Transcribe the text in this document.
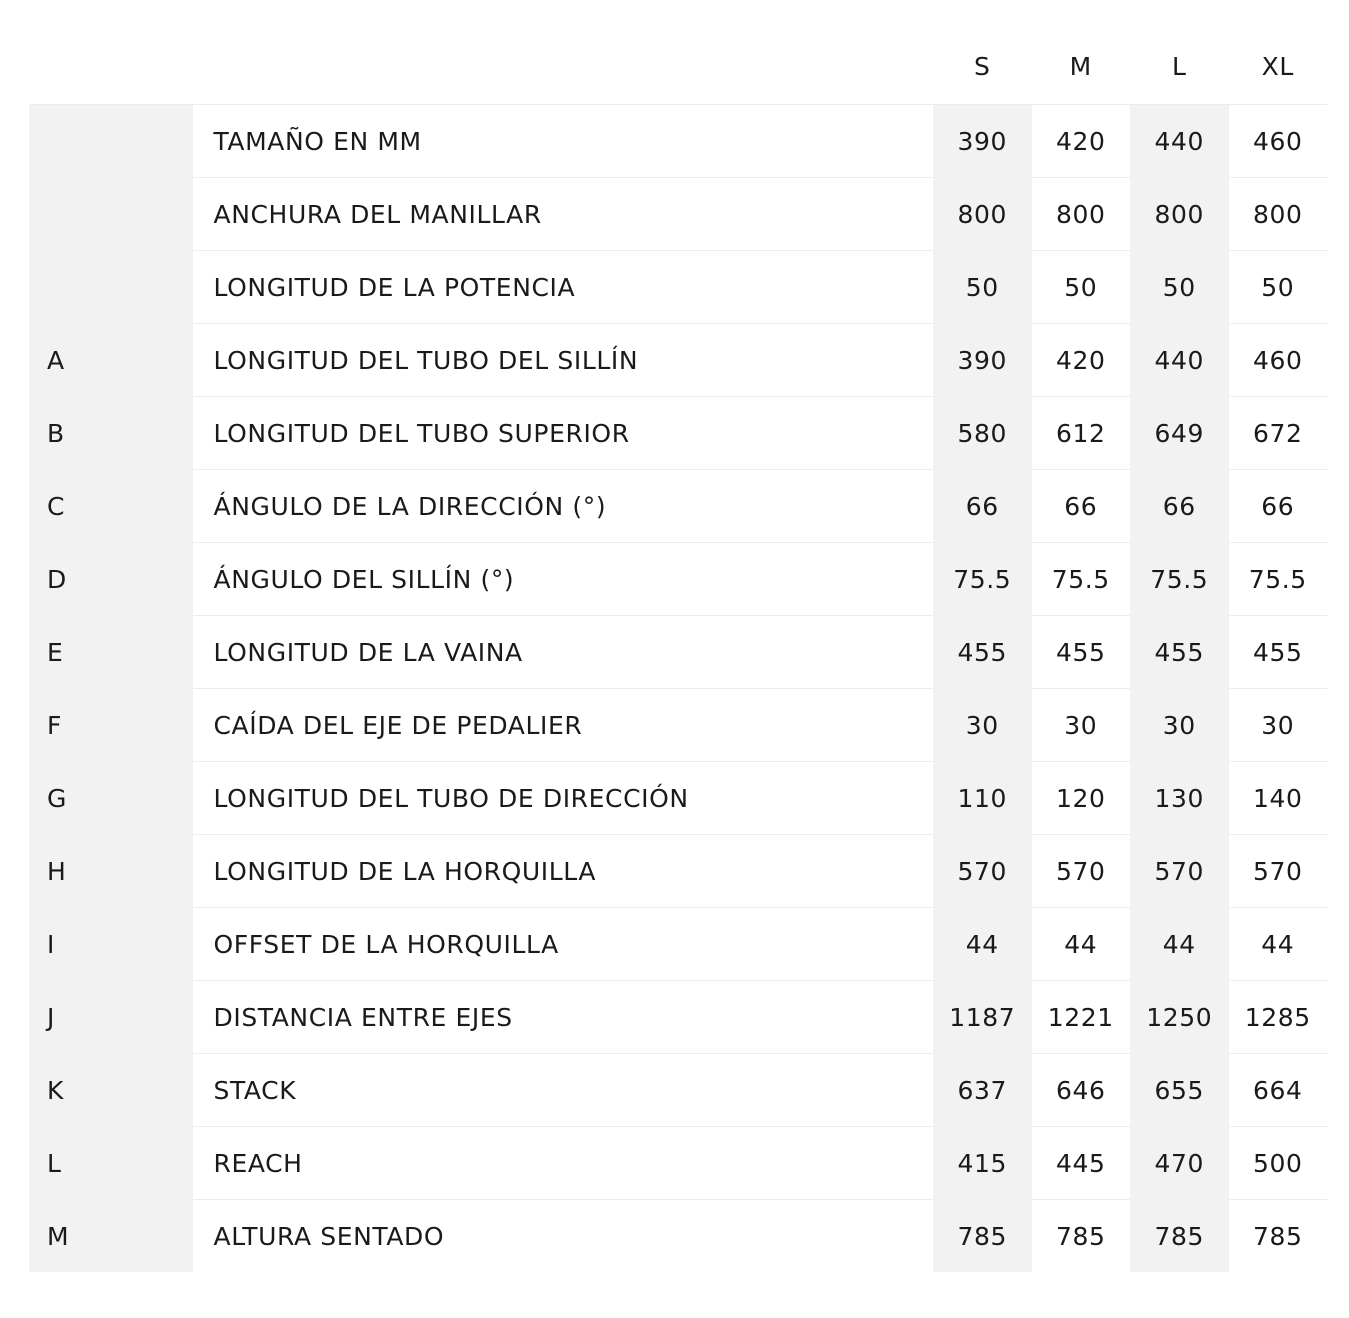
		S	M	L	XL
	TAMAÑO EN MM	390	420	440	460
	ANCHURA DEL MANILLAR	800	800	800	800
	LONGITUD DE LA POTENCIA	50	50	50	50
A	LONGITUD DEL TUBO DEL SILLÍN	390	420	440	460
B	LONGITUD DEL TUBO SUPERIOR	580	612	649	672
C	ÁNGULO DE LA DIRECCIÓN (°)	66	66	66	66
D	ÁNGULO DEL SILLÍN (°)	75.5	75.5	75.5	75.5
E	LONGITUD DE LA VAINA	455	455	455	455
F	CAÍDA DEL EJE DE PEDALIER	30	30	30	30
G	LONGITUD DEL TUBO DE DIRECCIÓN	110	120	130	140
H	LONGITUD DE LA HORQUILLA	570	570	570	570
I	OFFSET DE LA HORQUILLA	44	44	44	44
J	DISTANCIA ENTRE EJES	1187	1221	1250	1285
K	STACK	637	646	655	664
L	REACH	415	445	470	500
M	ALTURA SENTADO	785	785	785	785
